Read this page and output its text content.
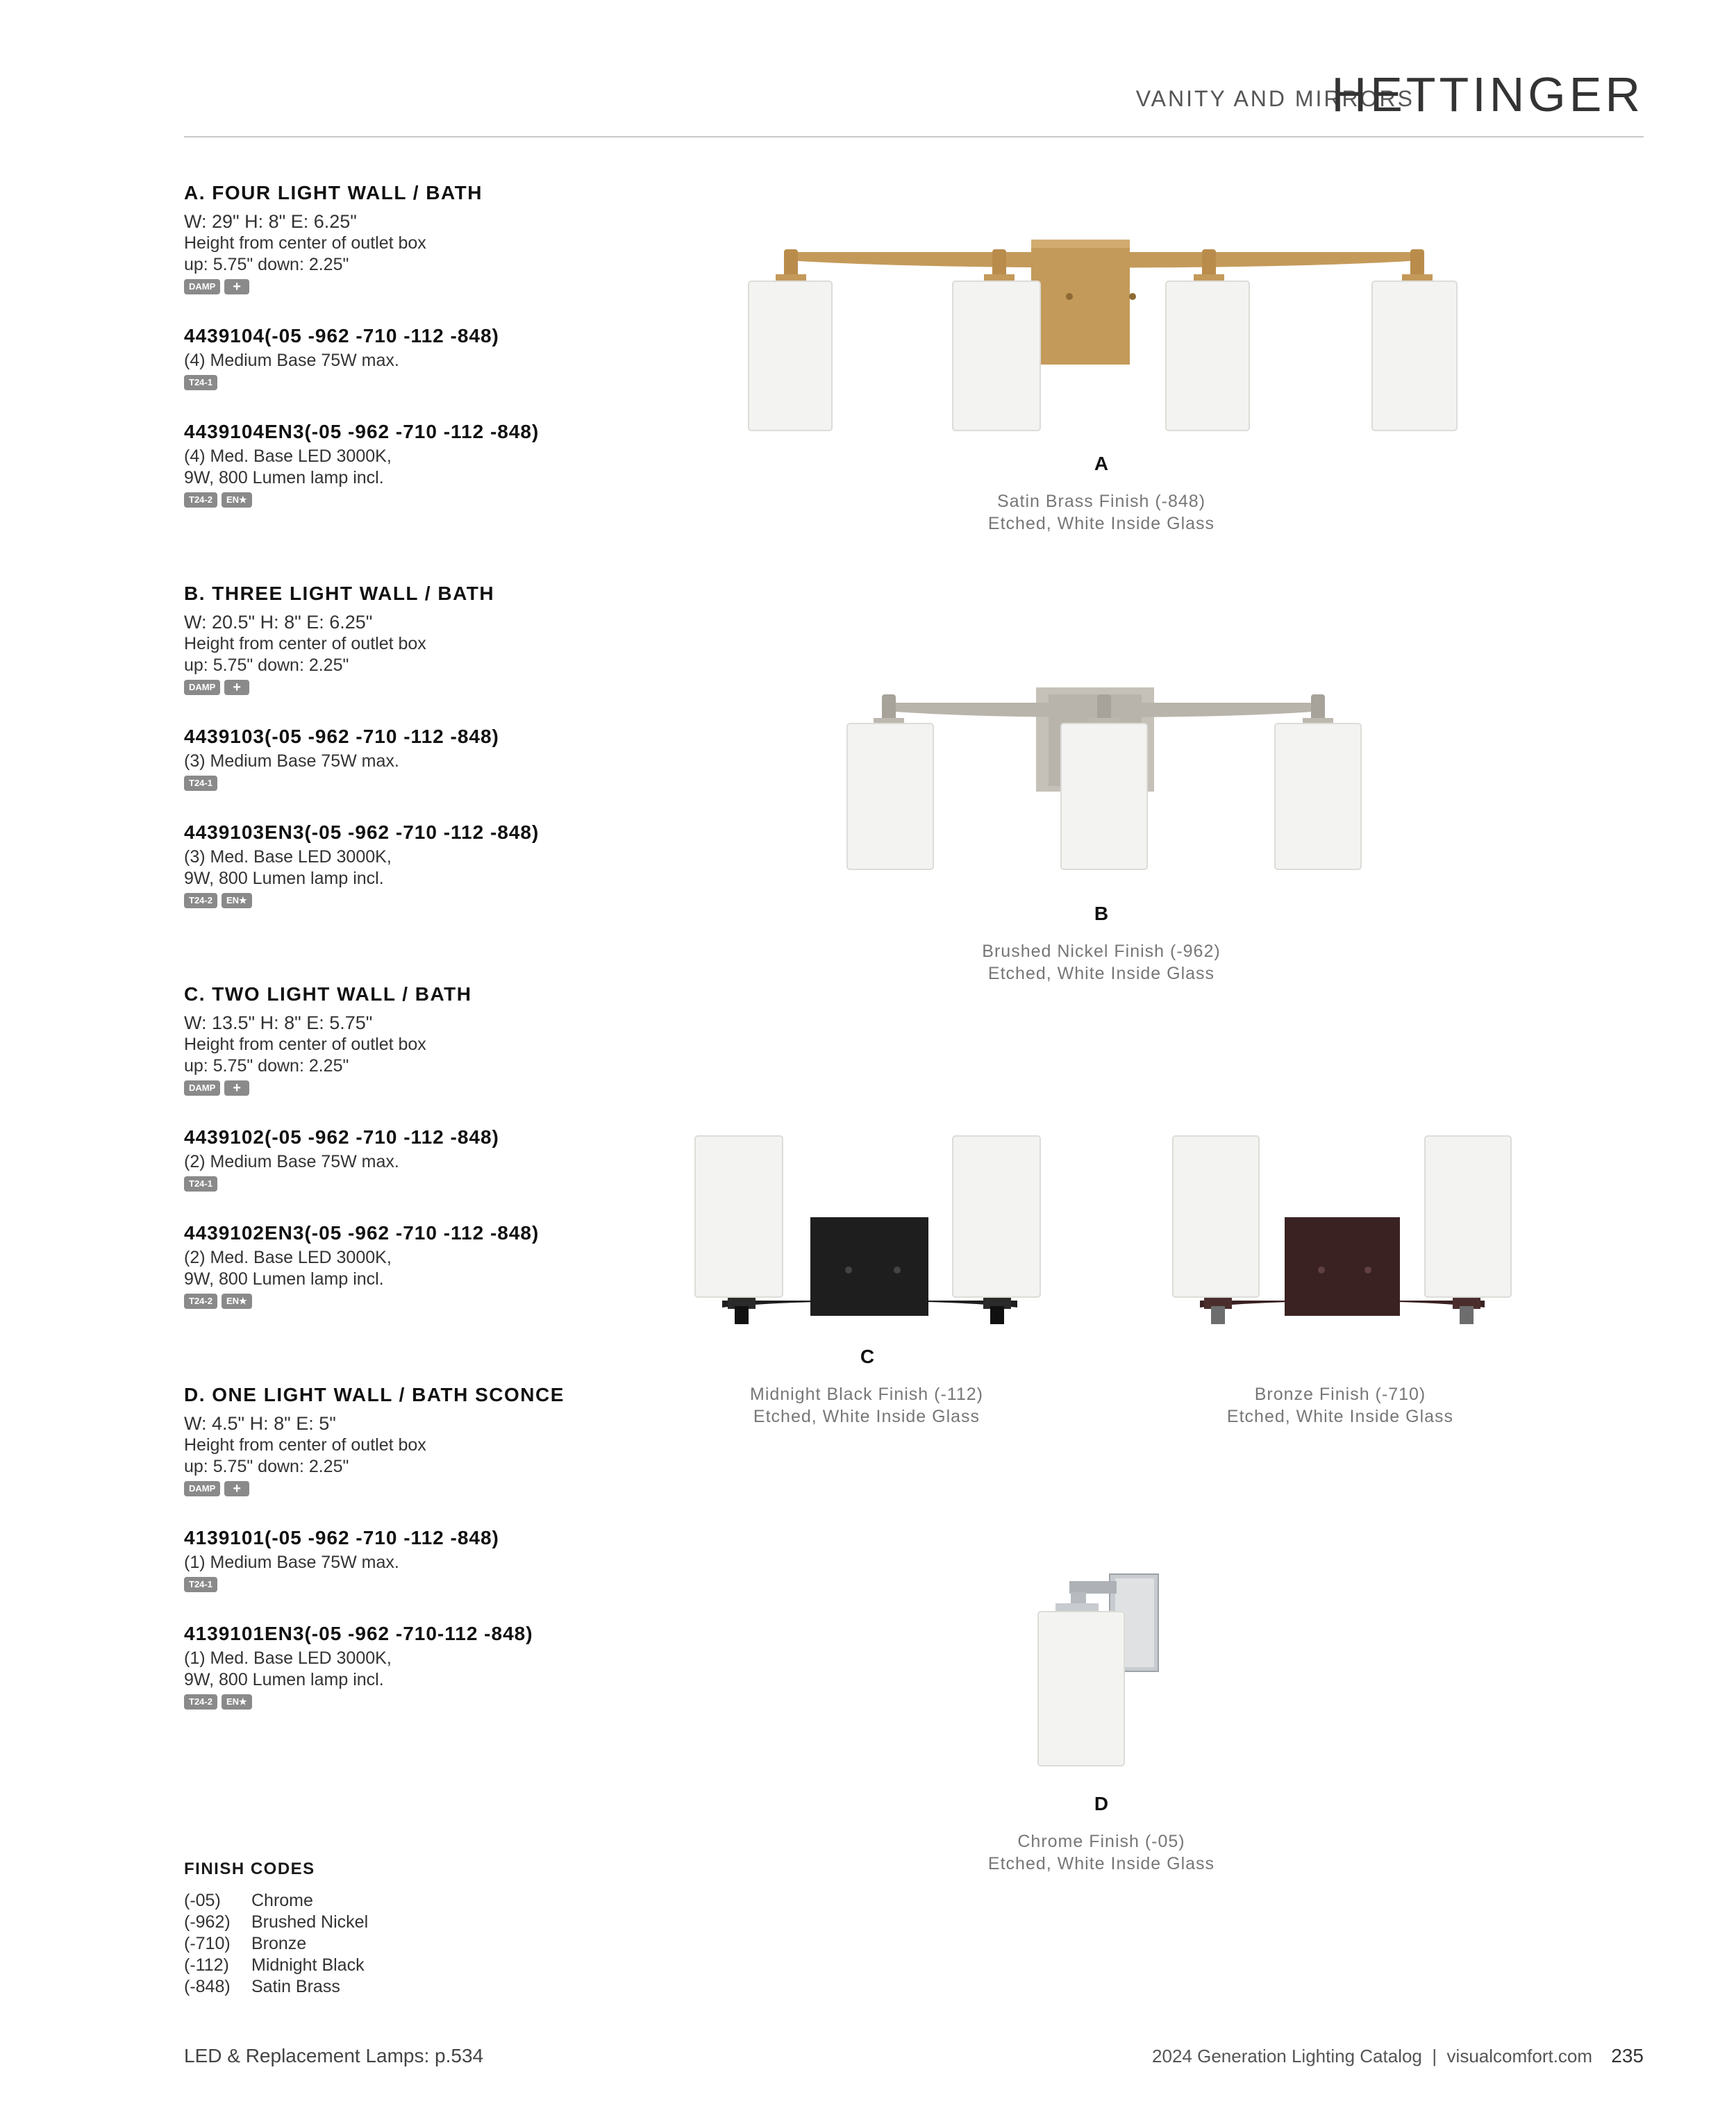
VANITY AND MIRRORS
HETTINGER
A. FOUR LIGHT WALL / BATH
W: 29" H: 8" E: 6.25"
Height from center of outlet box
up: 5.75" down: 2.25"
DAMP	+
4439104(-05 -962 -710 -112 -848)
(4) Medium Base 75W max.
T24-1
4439104EN3(-05 -962 -710 -112 -848)
(4) Med. Base LED 3000K,
9W, 800 Lumen lamp incl.
T24-2	EN★
B. THREE LIGHT WALL / BATH
W: 20.5" H: 8" E: 6.25"
Height from center of outlet box
up: 5.75" down: 2.25"
DAMP	+
4439103(-05 -962 -710 -112 -848)
(3) Medium Base 75W max.
T24-1
4439103EN3(-05 -962 -710 -112 -848)
(3) Med. Base LED 3000K,
9W, 800 Lumen lamp incl.
T24-2	EN★
C. TWO LIGHT WALL / BATH
W: 13.5" H: 8" E: 5.75"
Height from center of outlet box
up: 5.75" down: 2.25"
DAMP	+
4439102(-05 -962 -710 -112 -848)
(2) Medium Base 75W max.
T24-1
4439102EN3(-05 -962 -710 -112 -848)
(2) Med. Base LED 3000K,
9W, 800 Lumen lamp incl.
T24-2	EN★
D. ONE LIGHT WALL / BATH SCONCE
W: 4.5" H: 8" E: 5"
Height from center of outlet box
up: 5.75" down: 2.25"
DAMP	+
4139101(-05 -962 -710 -112 -848)
(1) Medium Base 75W max.
T24-1
4139101EN3(-05 -962 -710-112 -848)
(1) Med. Base LED 3000K,
9W, 800 Lumen lamp incl.
T24-2	EN★
A
Satin Brass Finish (-848)
Etched, White Inside Glass
B
Brushed Nickel Finish (-962)
Etched, White Inside Glass
C
Midnight Black Finish (-112)
Etched, White Inside Glass
Bronze Finish (-710)
Etched, White Inside Glass
D
Chrome Finish (-05)
Etched, White Inside Glass
FINISH CODES
(-05)	Chrome
(-962)	Brushed Nickel
(-710)	Bronze
(-112)	Midnight Black
(-848)	Satin Brass
LED & Replacement Lamps: p.534	2024 Generation Lighting Catalog  |  visualcomfort.com 235
